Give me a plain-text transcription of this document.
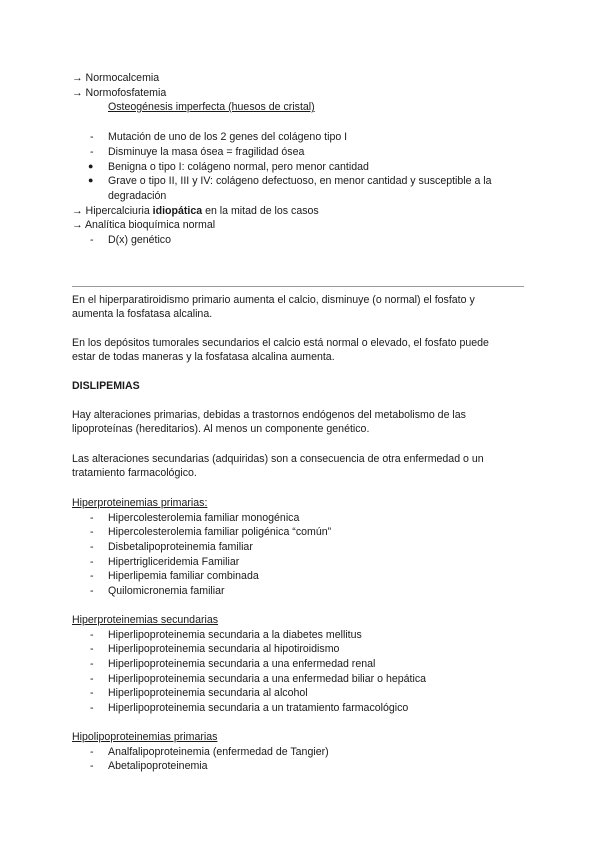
→ Normocalcemia
→ Normofosfatemia
Osteogénesis imperfecta (huesos de cristal)
- Mutación de uno de los 2 genes del colágeno tipo I
- Disminuye la masa ósea = fragilidad ósea
● Benigna o tipo I: colágeno normal, pero menor cantidad
● Grave o tipo II, III y IV: colágeno defectuoso, en menor cantidad y susceptible a la
degradación
→ Hipercalciuria idiopática en la mitad de los casos
→ Analítica bioquímica normal
- D(x) genético
En el hiperparatiroidismo primario aumenta el calcio, disminuye (o normal) el fosfato y
aumenta la fosfatasa alcalina.
En los depósitos tumorales secundarios el calcio está normal o elevado, el fosfato puede
estar de todas maneras y la fosfatasa alcalina aumenta.
DISLIPEMIAS
Hay alteraciones primarias, debidas a trastornos endógenos del metabolismo de las
lipoproteínas (hereditarios). Al menos un componente genético.
Las alteraciones secundarias (adquiridas) son a consecuencia de otra enfermedad o un
tratamiento farmacológico.
Hiperproteinemias primarias:
- Hipercolesterolemia familiar monogénica
- Hipercolesterolemia familiar poligénica “común”
- Disbetalipoproteinemia familiar
- Hipertrigliceridemia Familiar
- Hiperlipemia familiar combinada
- Quilomicronemia familiar
Hiperproteinemias secundarias
- Hiperlipoproteinemia secundaria a la diabetes mellitus
- Hiperlipoproteinemia secundaria al hipotiroidismo
- Hiperlipoproteinemia secundaria a una enfermedad renal
- Hiperlipoproteinemia secundaria a una enfermedad biliar o hepática
- Hiperlipoproteinemia secundaria al alcohol
- Hiperlipoproteinemia secundaria a un tratamiento farmacológico
Hipolipoproteinemias primarias
- Analfalipoproteinemia (enfermedad de Tangier)
- Abetalipoproteinemia
